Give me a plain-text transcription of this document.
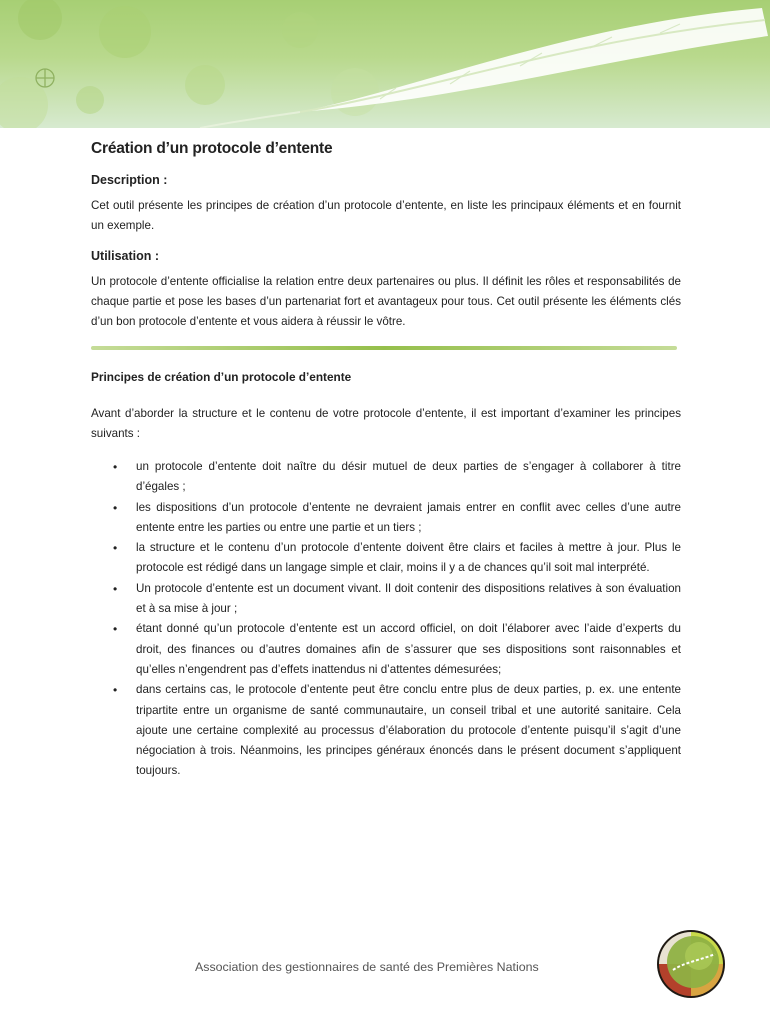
Création d’un protocole d’entente
Description :

Cet outil présente les principes de création d’un protocole d’entente, en liste les principaux éléments et en fournit un exemple.

Utilisation :

Un protocole d’entente officialise la relation entre deux partenaires ou plus. Il définit les rôles et responsabilités de chaque partie et pose les bases d’un partenariat fort et avantageux pour tous. Cet outil présente les éléments clés d’un bon protocole d’entente et vous aidera à réussir le vôtre.

Principes de création d’un protocole d’entente

Avant d’aborder la structure et le contenu de votre protocole d’entente, il est important d’examiner les principes suivants :

• un protocole d’entente doit naître du désir mutuel de deux parties de s’engager à collaborer à titre d’égales ;
• les dispositions d’un protocole d’entente ne devraient jamais entrer en conflit avec celles d’une autre entente entre les parties ou entre une partie et un tiers ;
• la structure et le contenu d’un protocole d’entente doivent être clairs et faciles à mettre à jour. Plus le protocole est rédigé dans un langage simple et clair, moins il y a de chances qu’il soit mal interprété.
• Un protocole d’entente est un document vivant. Il doit contenir des dispositions relatives à son évaluation et à sa mise à jour ;
• étant donné qu’un protocole d’entente est un accord officiel, on doit l’élaborer avec l’aide d’experts du droit, des finances ou d’autres domaines afin de s’assurer que ses dispositions sont raisonnables et qu’elles n’engendrent pas d’effets inattendus ni d’attentes démesurées;
• dans certains cas, le protocole d’entente peut être conclu entre plus de deux parties, p. ex. une entente tripartite entre un organisme de santé communautaire, un conseil tribal et une autorité sanitaire. Cela ajoute une certaine complexité au processus d’élaboration du protocole d’entente puisqu’il s’agit d’une négociation à trois. Néanmoins, les principes généraux énoncés dans le présent document s’appliquent toujours.
Association des gestionnaires de santé des Premières Nations
